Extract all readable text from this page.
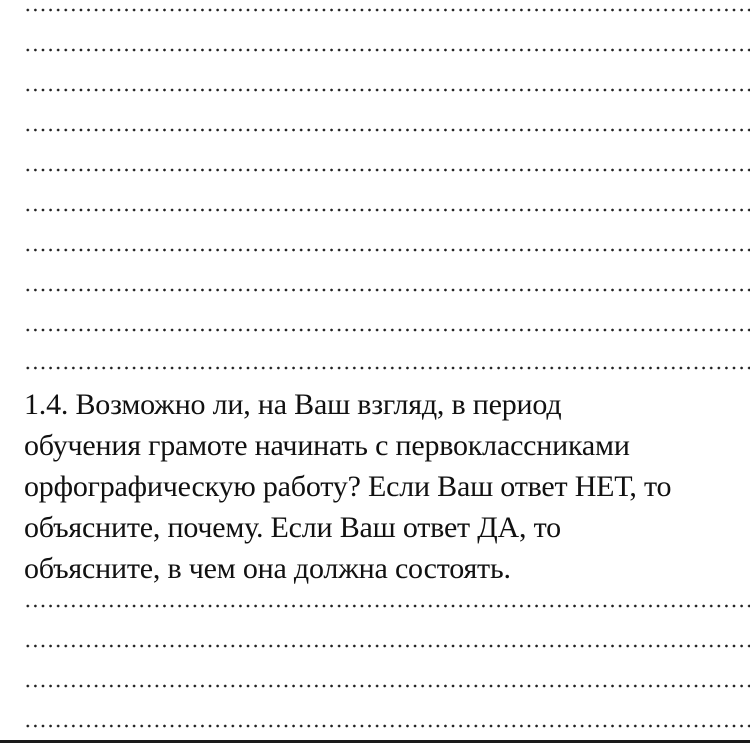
1.4. Возможно ли, на Ваш взгляд, в период
обучения грамоте начинать с первоклассниками
орфографическую работу? Если Ваш ответ НЕТ, то
объясните, почему. Если Ваш ответ ДА, то
объясните, в чем она должна состоять.
